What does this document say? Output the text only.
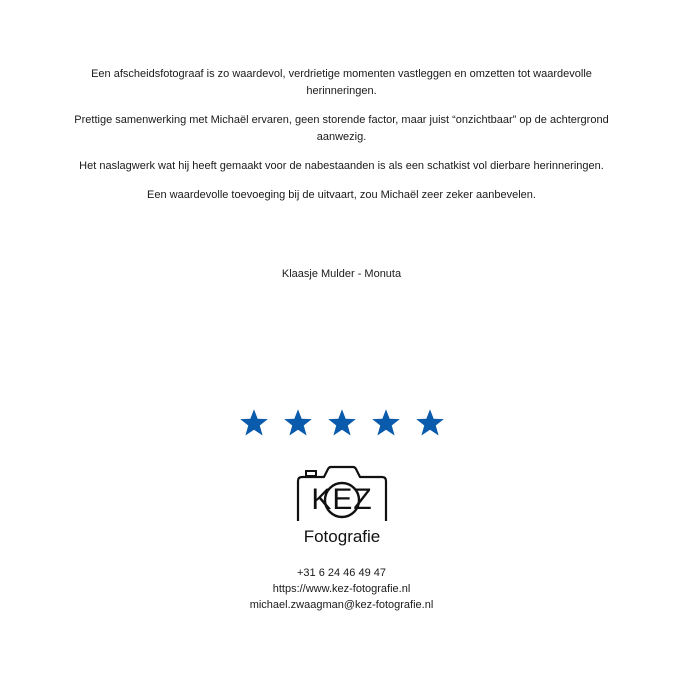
Een afscheidsfotograaf is zo waardevol, verdrietige momenten vastleggen en omzetten tot waardevolle herinneringen.

Prettige samenwerking met Michaël ervaren, geen storende factor, maar juist “onzichtbaar” op de achtergrond aanwezig.

Het naslagwerk wat hij heeft gemaakt voor de nabestaanden is als een schatkist vol dierbare herinneringen.

Een waardevolle toevoeging bij de uitvaart, zou Michaël zeer zeker aanbevelen.

Klaasje Mulder - Monuta
KEZ
Fotografie
+31 6 24 46 49 47
https://www.kez-fotografie.nl
michael.zwaagman@kez-fotografie.nl
